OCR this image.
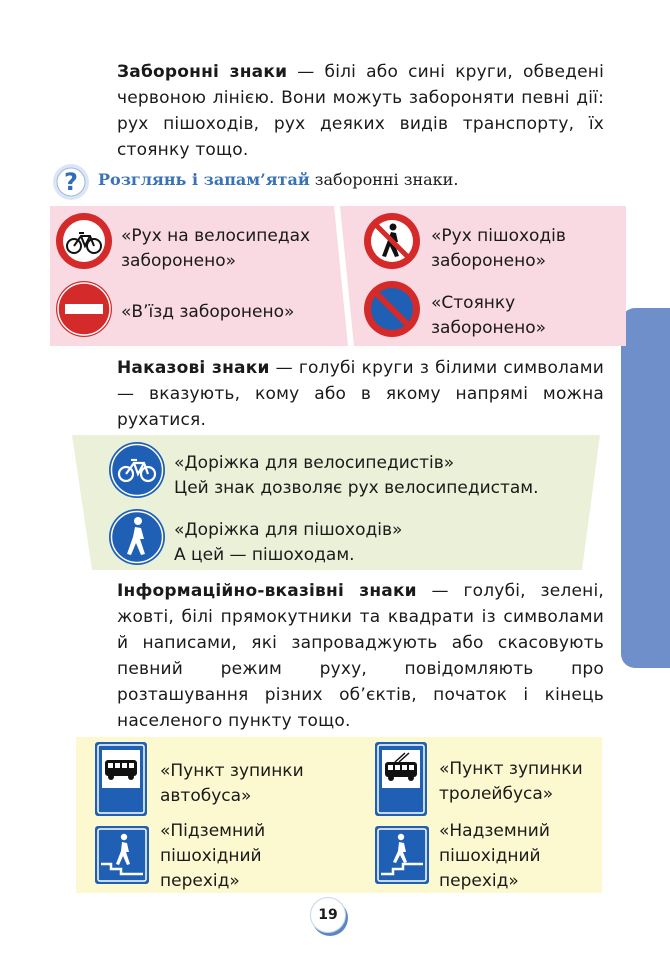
Заборонні знаки — білі або сині круги, обведені червоною лінією. Вони можуть забороняти певні дії: рух пішоходів, рух деяких видів транспорту, їх стоянку тощо.
? Розглянь і запам’ятай заборонні знаки.
«Рух на велосипедах заборонено»
«Рух пішоходів заборонено»
«В’їзд заборонено»	«Стоянку заборонено»
Наказові знаки — голубі круги з білими символами — вказують, кому або в якому напрямі можна рухатися.
«Доріжка для велосипедистів»
Цей знак дозволяє рух велосипедистам.
«Доріжка для пішоходів»
А цей — пішоходам.
Інформаційно-вказівні знаки — голубі, зелені, жовті, білі прямокутники та квадрати із символами й написами, які запроваджують або скасовують певний режим руху, повідомляють про розташування різних об’єктів, початок і кінець населеного пункту тощо.
«Пункт зупинки
автобуса»
«Пункт зупинки
тролейбуса»
«Підземний
пішохідний
перехід»
«Надземний
пішохідний
перехід»
19
